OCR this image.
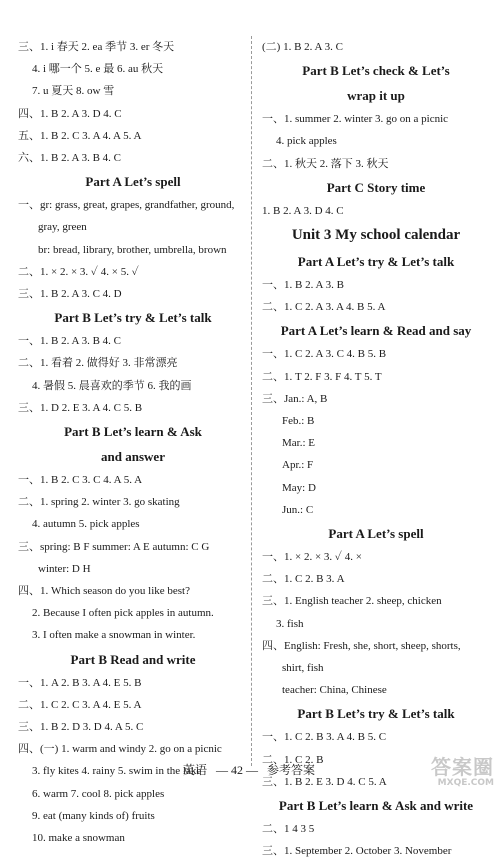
三、1. i 春天 2. ea 季节 3. er 冬天
4. i 哪一个 5. e 最 6. au 秋天
7. u 夏天 8. ow 雪
四、1. B 2. A 3. D 4. C
五、1. B 2. C 3. A 4. A 5. A
六、1. B 2. A 3. B 4. C
Part A Let’s spell
一、gr: grass, great, grapes, grandfather, ground,
gray, green
br: bread, library, brother, umbrella, brown
二、1. × 2. × 3. ✓ 4. × 5. ✓
三、1. B 2. A 3. C 4. D
Part B Let’s try & Let’s talk
一、1. B 2. A 3. B 4. C
二、1. 看着 2. 做得好 3. 非常漂亮
4. 暑假 5. 晨喜欢的季节 6. 我的画
三、1. D 2. E 3. A 4. C 5. B
Part B Let’s learn & Ask
and answer
一、1. B 2. C 3. C 4. A 5. A
二、1. spring 2. winter 3. go skating
4. autumn 5. pick apples
三、spring: B F summer: A E autumn: C G
winter: D H
四、1. Which season do you like best?
2. Because I often pick apples in autumn.
3. I often make a snowman in winter.
Part B Read and write
一、1. A 2. B 3. A 4. E 5. B
二、1. C 2. C 3. A 4. E 5. A
三、1. B 2. D 3. D 4. A 5. C
四、(一) 1. warm and windy 2. go on a picnic
3. fly kites 4. rainy 5. swim in the lake
6. warm 7. cool 8. pick apples
9. eat (many kinds of) fruits
10. make a snowman
(二) 1. B 2. A 3. C
Part B Let’s check & Let’s
wrap it up
一、1. summer 2. winter 3. go on a picnic
4. pick apples
二、1. 秋天 2. 落下 3. 秋天
Part C Story time
1. B 2. A 3. D 4. C
Unit 3 My school calendar
Part A Let’s try & Let’s talk
一、1. B 2. A 3. B
二、1. C 2. A 3. A 4. B 5. A
Part A Let’s learn & Read and say
一、1. C 2. A 3. C 4. B 5. B
二、1. T 2. F 3. F 4. T 5. T
三、Jan.: A, B
Feb.: B
Mar.: E
Apr.: F
May: D
Jun.: C
Part A Let’s spell
一、1. × 2. × 3. ✓ 4. ×
二、1. C 2. B 3. A
三、1. English teacher 2. sheep, chicken
3. fish
四、English: Fresh, she, short, sheep, shorts,
shirt, fish
teacher: China, Chinese
Part B Let’s try & Let’s talk
一、1. C 2. B 3. A 4. B 5. C
二、1. C 2. B
三、1. B 2. E 3. D 4. C 5. A
Part B Let’s learn & Ask and write
二、1 4 3 5
三、1. September 2. October 3. November
英语   — 42 —   参考答案	答案圈
MXQE.COM
